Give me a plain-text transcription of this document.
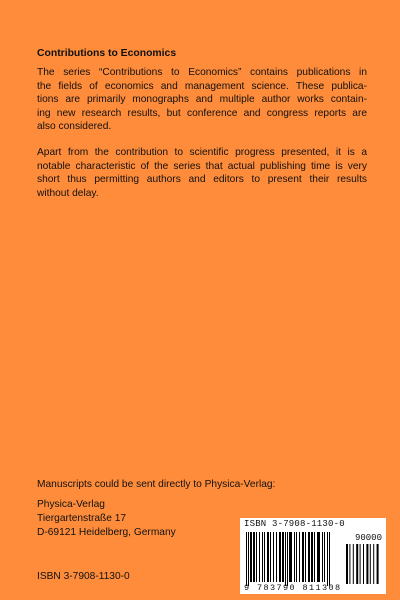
Contributions to Economics
The series “Contributions to Economics” contains publications in
the fields of economics and management science. These publica-
tions are primarily monographs and multiple author works contain-
ing new research results, but conference and congress reports are
also considered.
Apart from the contribution to scientific progress presented, it is a
notable characteristic of the series that actual publishing time is very
short thus permitting authors and editors to present their results
without delay.
Manuscripts could be sent directly to Physica-Verlag:
Physica-Verlag
Tiergartenstraße 17
D-69121 Heidelberg, Germany
ISBN 3-7908-1130-0
ISBN 3-7908-1130-0
90000
9 783790 811308
